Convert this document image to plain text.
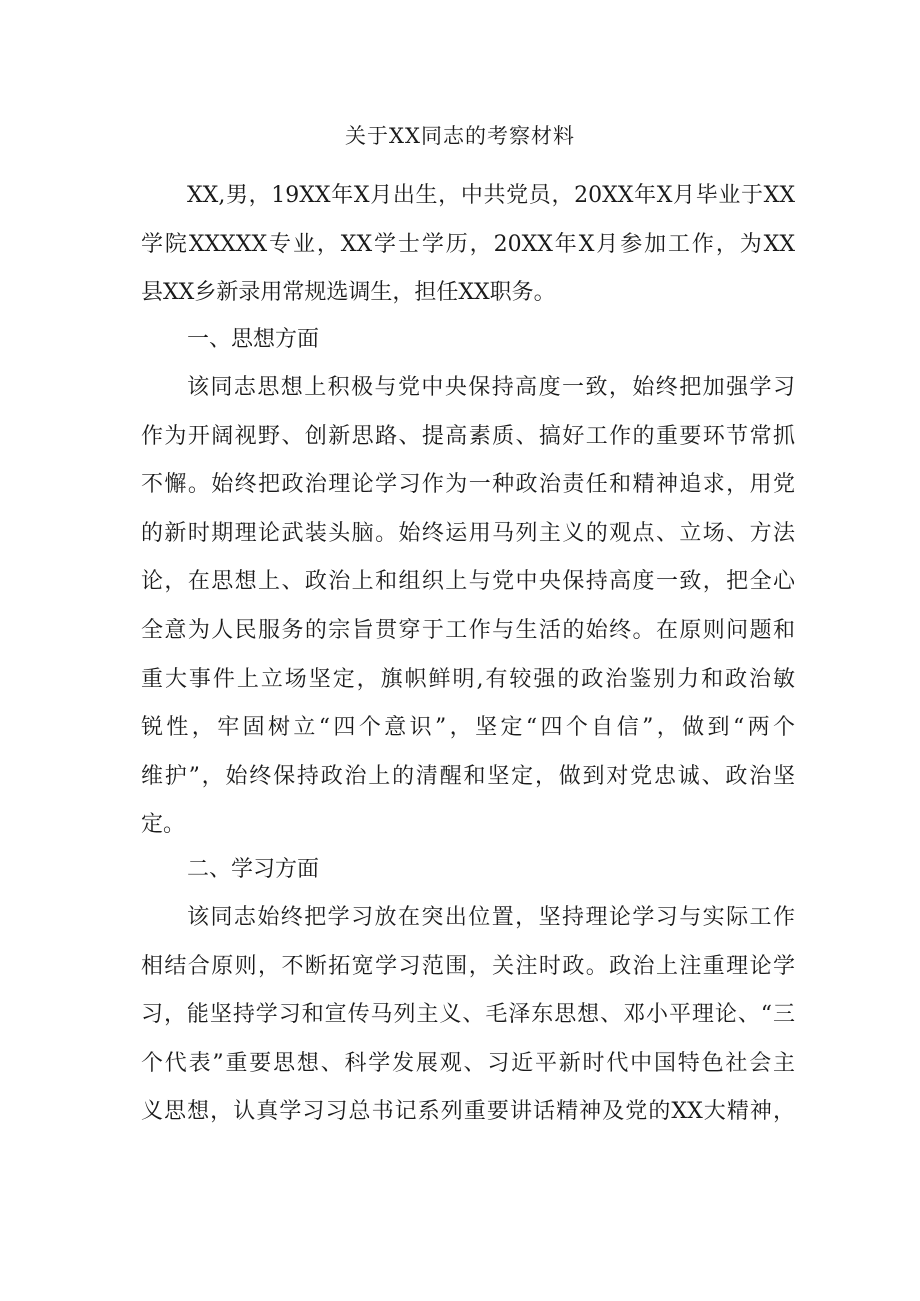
关于XX同志的考察材料
XX,男，19XX年X月出生，中共党员，20XX年X月毕业于XX
学院XXXXX专业，XX学士学历，20XX年X月参加工作，为XX
县XX乡新录用常规选调生，担任XX职务。
一、思想方面
该同志思想上积极与党中央保持高度一致，始终把加强学习
作为开阔视野、创新思路、提高素质、搞好工作的重要环节常抓
不懈。始终把政治理论学习作为一种政治责任和精神追求，用党
的新时期理论武装头脑。始终运用马列主义的观点、立场、方法
论，在思想上、政治上和组织上与党中央保持高度一致，把全心
全意为人民服务的宗旨贯穿于工作与生活的始终。在原则问题和
重大事件上立场坚定，旗帜鲜明,有较强的政治鉴别力和政治敏
锐性，牢固树立“四个意识”，坚定“四个自信”，做到“两个
维护”，始终保持政治上的清醒和坚定，做到对党忠诚、政治坚
定。
二、学习方面
该同志始终把学习放在突出位置，坚持理论学习与实际工作
相结合原则，不断拓宽学习范围，关注时政。政治上注重理论学
习，能坚持学习和宣传马列主义、毛泽东思想、邓小平理论、“三
个代表”重要思想、科学发展观、习近平新时代中国特色社会主
义思想，认真学习习总书记系列重要讲话精神及党的XX大精神，
